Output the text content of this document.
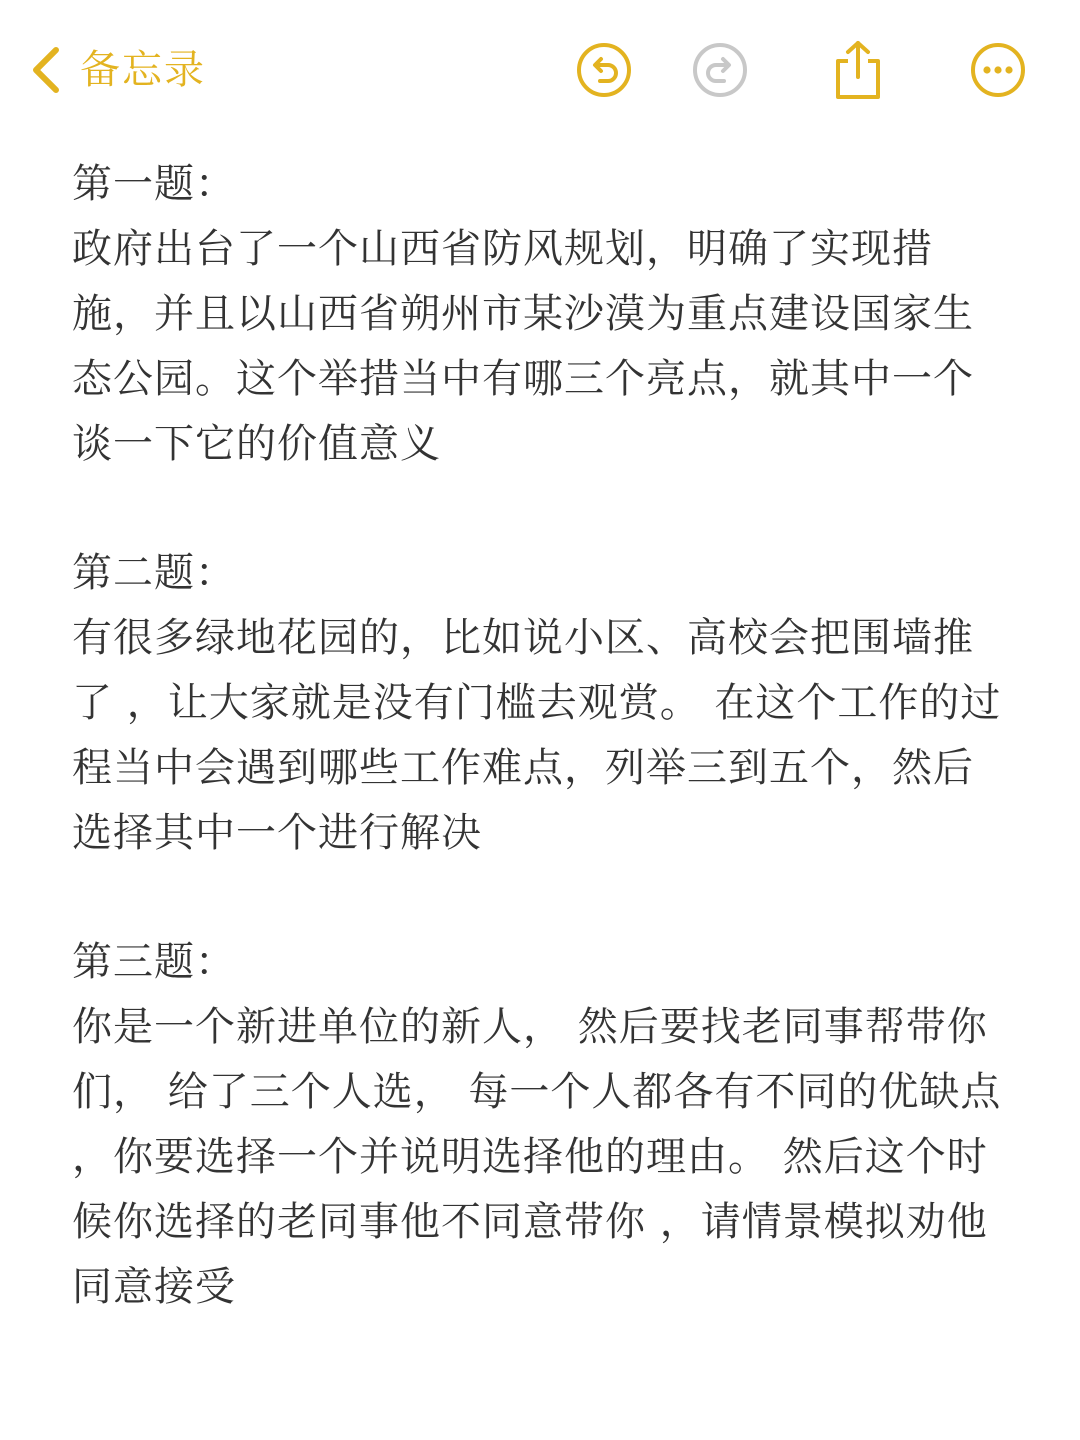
备忘录

第一题：

政府出台了一个山西省防风规划，明确了实现措施，并且以山西省朔州市某沙漠为重点建设国家生态公园。这个举措当中有哪三个亮点，就其中一个谈一下它的价值意义

第二题：

有很多绿地花园的，比如说小区、高校会把围墙推了 ，让大家就是没有门槛去观赏。 在这个工作的过程当中会遇到哪些工作难点，列举三到五个，然后选择其中一个进行解决

第三题：

你是一个新进单位的新人， 然后要找老同事帮带你们， 给了三个人选， 每一个人都各有不同的优缺点 ，你要选择一个并说明选择他的理由。 然后这个时候你选择的老同事他不同意带你 ，请情景模拟劝他同意接受
